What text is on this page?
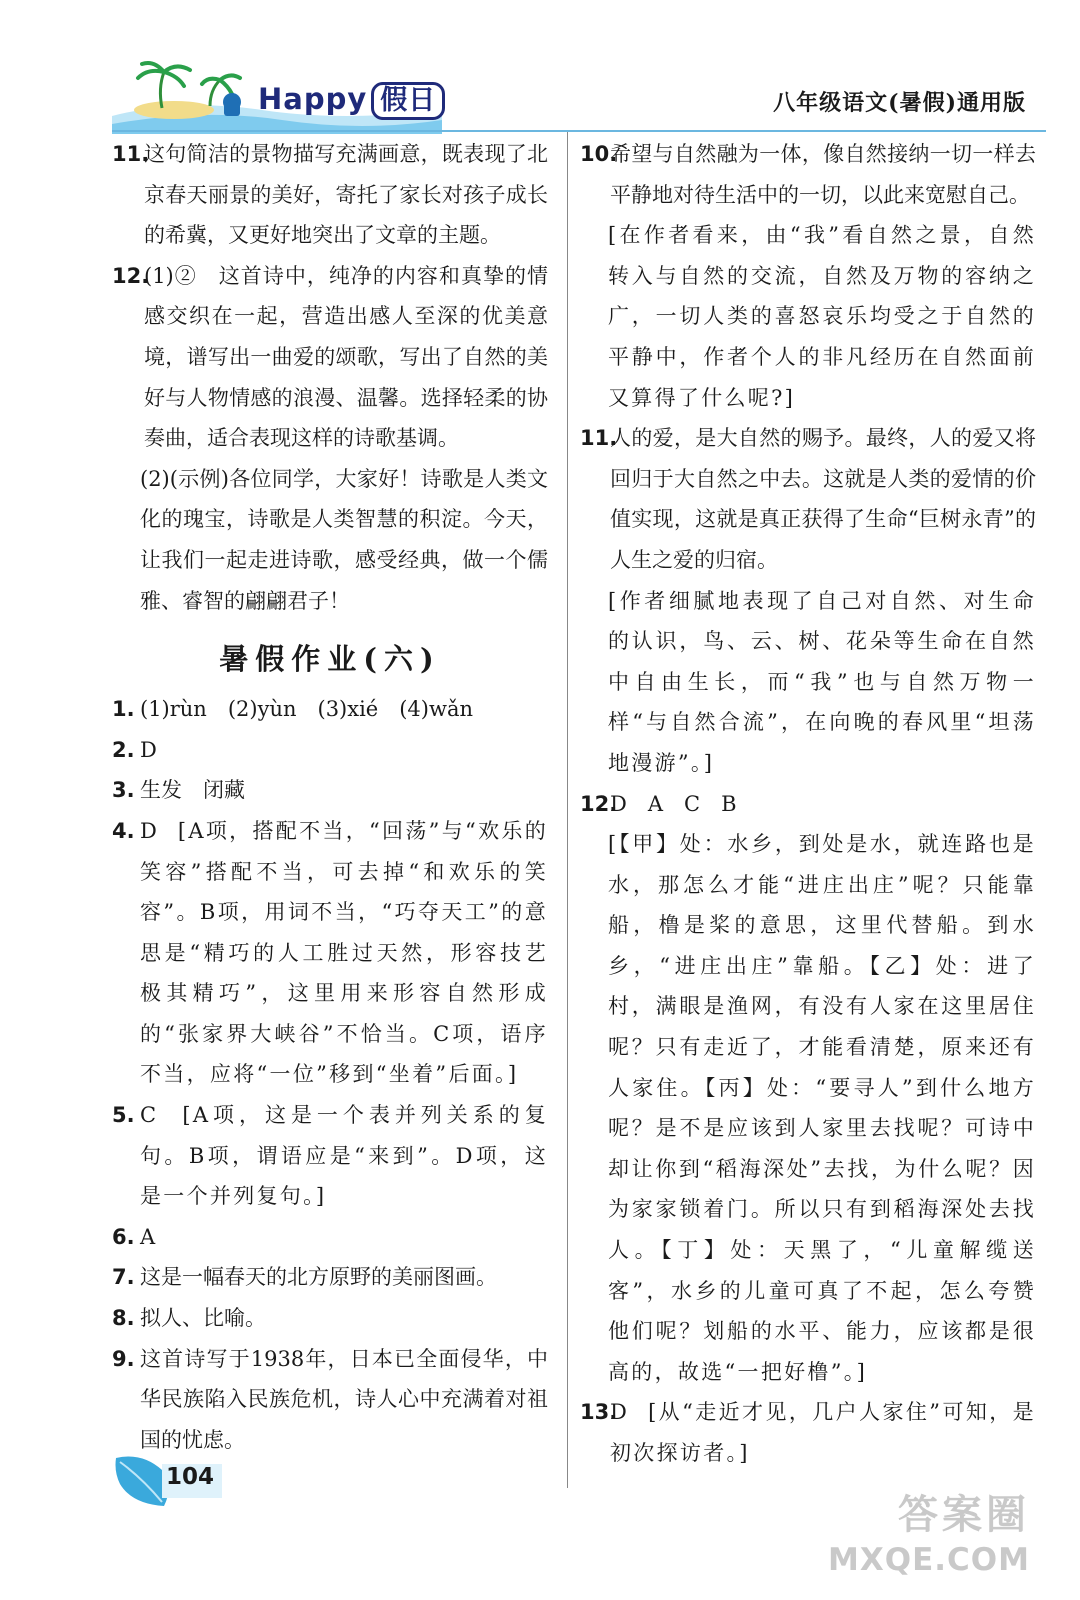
Happy 假日	八年级语文(暑假)通用版
11.
这句简洁的景物描写充满画意，既表现了北京春天丽景的美好，寄托了家长对孩子成长的希冀，又更好地突出了文章的主题。
12.
(1)②　这首诗中，纯净的内容和真挚的情感交织在一起，营造出感人至深的优美意境，谱写出一曲爱的颂歌，写出了自然的美好与人物情感的浪漫、温馨。选择轻柔的协奏曲，适合表现这样的诗歌基调。
(2)(示例)各位同学，大家好！诗歌是人类文化的瑰宝，诗歌是人类智慧的积淀。今天，让我们一起走进诗歌，感受经典，做一个儒雅、睿智的翩翩君子！
暑假作业(六)
1. (1)rùn　(2)yùn　(3)xié　(4)wǎn
2. D
3. 生发　闭藏
4. D　[A项，搭配不当，“回荡”与“欢乐的笑容”搭配不当，可去掉“和欢乐的笑容”。B项，用词不当，“巧夺天工”的意思是“精巧的人工胜过天然，形容技艺极其精巧”，这里用来形容自然形成的“张家界大峡谷”不恰当。C项，语序不当，应将“一位”移到“坐着”后面。]
5. C　[A项，这是一个表并列关系的复句。B项，谓语应是“来到”。D项，这是一个并列复句。]
6. A
7. 这是一幅春天的北方原野的美丽图画。
8. 拟人、比喻。
9. 这首诗写于1938年，日本已全面侵华，中华民族陷入民族危机，诗人心中充满着对祖国的忧虑。
10.
希望与自然融为一体，像自然接纳一切一样去平静地对待生活中的一切，以此来宽慰自己。
[在作者看来，由“我”看自然之景，自然转入与自然的交流，自然及万物的容纳之广，一切人类的喜怒哀乐均受之于自然的平静中，作者个人的非凡经历在自然面前又算得了什么呢?]
11.
人的爱，是大自然的赐予。最终，人的爱又将回归于大自然之中去。这就是人类的爱情的价值实现，这就是真正获得了生命“巨树永青”的人生之爱的归宿。
[作者细腻地表现了自己对自然、对生命的认识，鸟、云、树、花朵等生命在自然中自由生长，而“我”也与自然万物一样“与自然合流”，在向晚的春风里“坦荡地漫游”。]
12.
D　A　C　B
[【甲】处：水乡，到处是水，就连路也是水，那怎么才能“进庄出庄”呢？只能靠船，橹是桨的意思，这里代替船。到水乡，“进庄出庄”靠船。【乙】处：进了村，满眼是渔网，有没有人家在这里居住呢？只有走近了，才能看清楚，原来还有人家住。【丙】处：“要寻人”到什么地方呢？是不是应该到人家里去找呢？可诗中却让你到“稻海深处”去找，为什么呢？因为家家锁着门。所以只有到稻海深处去找人。【丁】处：天黑了，“儿童解缆送客”，水乡的儿童可真了不起，怎么夸赞他们呢？划船的水平、能力，应该都是很高的，故选“一把好橹”。]
13.
D　[从“走近才见，几户人家住”可知，是初次探访者。]
104
答案圈
MXQE.COM
